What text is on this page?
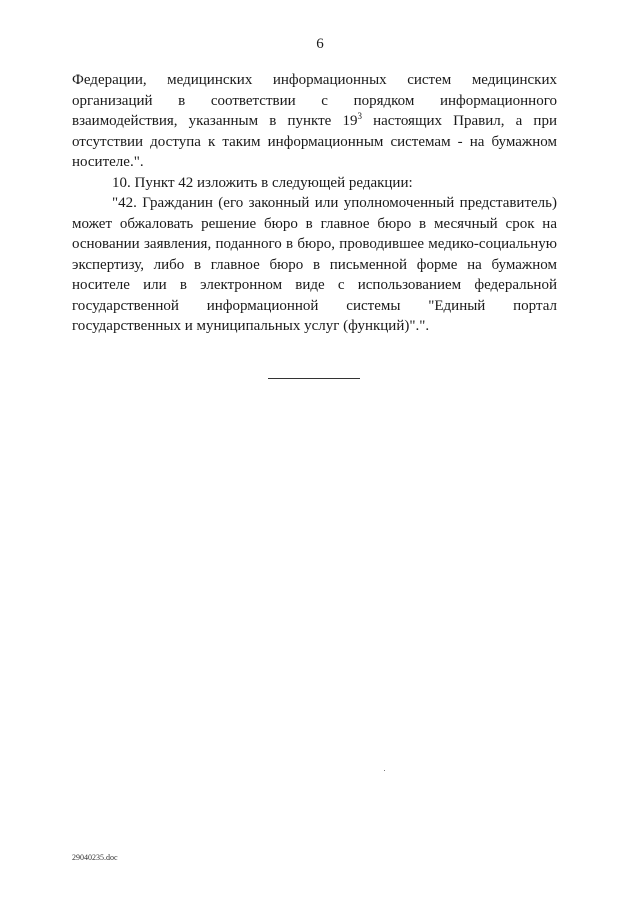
6
Федерации, медицинских информационных систем медицинских
организаций в соответствии с порядком информационного
взаимодействия, указанным в пункте $19^3$ настоящих Правил, а при
отсутствии доступа к таким информационным системам - на бумажном
носителе.".
10. Пункт 42 изложить в следующей редакции:
"42. Гражданин (его законный или уполномоченный представитель)
может обжаловать решение бюро в главное бюро в месячный срок на
основании заявления, поданного в бюро, проводившее медико-социальную
экспертизу, либо в главное бюро в письменной форме на бумажном
носителе или в электронном виде с использованием федеральной
государственной информационной системы "Единый портал
государственных и муниципальных услуг (функций)".".
29040235.doc
